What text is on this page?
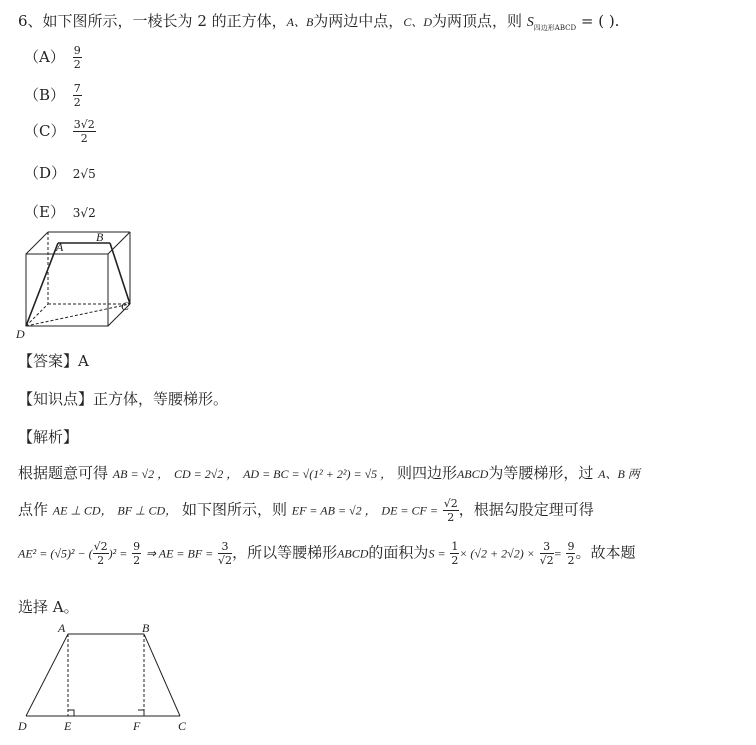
6、如下图所示，一棱长为 2 的正方体，A、B为两边中点，C、D为两顶点，则 $S_{四边形ABCD}$ = ( ).
$(A) \frac{9}{2}$
$(B) \frac{7}{2}$
$(C) \frac{3√2}{2}$
（D） 2√5
（E） 3√2
A
B
C
D
【答案】A
【知识点】正方体，等腰梯形。
【解析】
根据题意可得 AB = √2 ， CD = 2√2 ， AD = BC = √(1² + 2²) = √5 ， 则四边形ABCD为等腰梯形，过 A、B 两
点作 AE ⊥ CD， BF ⊥ CD， 如下图所示，则 EF = AB = √2 ， DE = CF = $\frac{√2}{2}$ ，根据勾股定理可得
AE² = (√5)² − ( $\frac{√2}{2} )^2 = \frac{9}{2}$ ⇒ AE = BF = $\frac{3}{√2}$ ，所以等腰梯形ABCD的面积为$S = \frac{1}{2} \times (√2 + 2√2) \times \frac{3}{√2} = \frac{9}{2}$ 。故本题
选择 A。
A	B
D	E	F	C
